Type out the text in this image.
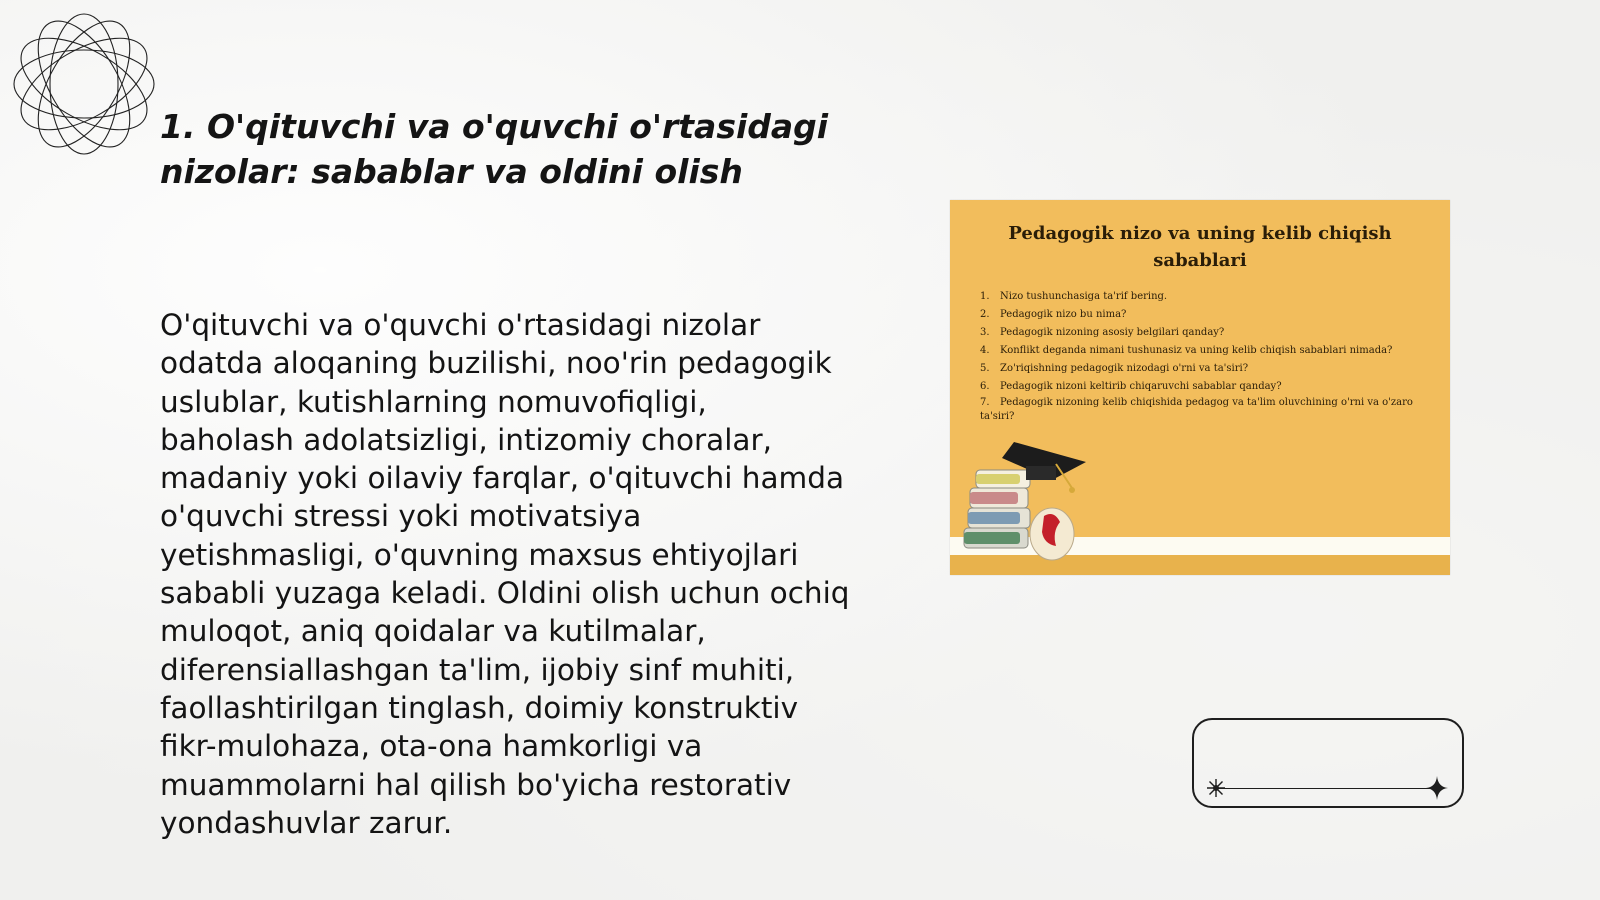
1. O'qituvchi va o'quvchi o'rtasidagi nizolar: sabablar va oldini olish

O'qituvchi va o'quvchi o'rtasidagi nizolar odatda aloqaning buzilishi, noo'rin pedagogik uslublar, kutishlarning nomuvofiqligi, baholash adolatsizligi, intizomiy choralar, madaniy yoki oilaviy farqlar, o'qituvchi hamda o'quvchi stressi yoki motivatsiya yetishmasligi, o'quvning maxsus ehtiyojlari sababli yuzaga keladi. Oldini olish uchun ochiq muloqot, aniq qoidalar va kutilmalar, diferensiallashgan ta'lim, ijobiy sinf muhiti, faollashtirilgan tinglash, doimiy konstruktiv fikr-mulohaza, ota-ona hamkorligi va muammolarni hal qilish bo'yicha restorativ yondashuvlar zarur.

Pedagogik nizo va uning kelib chiqish sabablari
1. Nizo tushunchasiga ta'rif bering.
2. Pedagogik nizo bu nima?
3. Pedagogik nizoning asosiy belgilari qanday?
4. Konflikt deganda nimani tushunasiz va uning kelib chiqish sabablari nimada?
5. Zo'riqishning pedagogik nizodagi o'rni va ta'siri?
6. Pedagogik nizoni keltirib chiqaruvchi sabablar qanday?
7. Pedagogik nizoning kelib chiqishida pedagog va ta'lim oluvchining o'rni va o'zaro ta'siri?
